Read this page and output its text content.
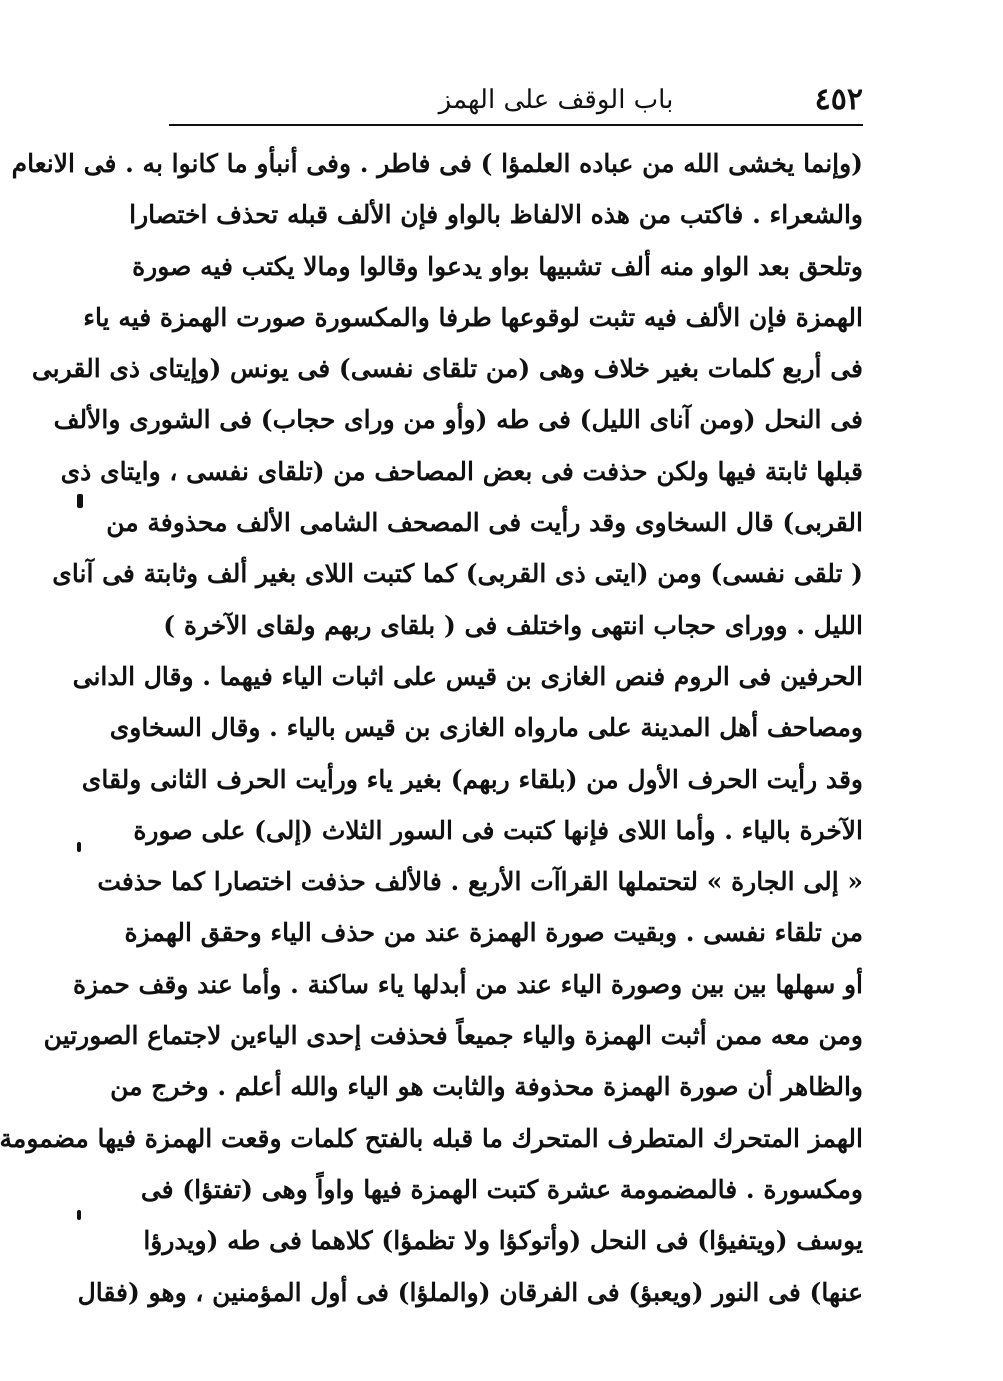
٤٥٢
باب الوقف على الهمز
(وإنما يخشى الله من عباده العلمؤا ) فى فاطر . وفى أنبأو ما كانوا به . فى الانعام
والشعراء . فاكتب من هذه الالفاظ بالواو فإن الألف قبله تحذف اختصارا
وتلحق بعد الواو منه ألف تشبيها بواو يدعوا وقالوا ومالا يكتب فيه صورة
الهمزة فإن الألف فيه تثبت لوقوعها طرفا والمكسورة صورت الهمزة فيه ياء
فى أربع كلمات بغير خلاف وهى (من تلقاى نفسى) فى يونس (وإيتاى ذى القربى
فى النحل (ومن آناى الليل) فى طه (وأو من وراى حجاب) فى الشورى والألف
قبلها ثابتة فيها ولكن حذفت فى بعض المصاحف من (تلقاى نفسى ، وايتاى ذى
القربى) قال السخاوى وقد رأيت فى المصحف الشامى الألف محذوفة من
( تلقى نفسى) ومن (ايتى ذى القربى) كما كتبت اللاى بغير ألف وثابتة فى آناى
الليل . ووراى حجاب انتهى واختلف فى ( بلقاى ربهم ولقاى الآخرة )
الحرفين فى الروم فنص الغازى بن قيس على اثبات الياء فيهما . وقال الدانى
ومصاحف أهل المدينة على مارواه الغازى بن قيس بالياء . وقال السخاوى
وقد رأيت الحرف الأول من (بلقاء ربهم) بغير ياء ورأيت الحرف الثانى ولقاى
الآخرة بالياء . وأما اللاى فإنها كتبت فى السور الثلاث (إلى) على صورة
« إلى الجارة » لتحتملها القراآت الأربع . فالألف حذفت اختصارا كما حذفت
من تلقاء نفسى . وبقيت صورة الهمزة عند من حذف الياء وحقق الهمزة
أو سهلها بين بين وصورة الياء عند من أبدلها ياء ساكنة . وأما عند وقف حمزة
ومن معه ممن أثبت الهمزة والياء جميعاً فحذفت إحدى الياءين لاجتماع الصورتين
والظاهر أن صورة الهمزة محذوفة والثابت هو الياء والله أعلم . وخرج من
الهمز المتحرك المتطرف المتحرك ما قبله بالفتح كلمات وقعت الهمزة فيها مضمومة
ومكسورة . فالمضمومة عشرة كتبت الهمزة فيها واواً وهى (تفتؤا) فى
يوسف (ويتفيؤا) فى النحل (وأتوكؤا ولا تظمؤا) كلاهما فى طه (ويدرؤا
عنها) فى النور (ويعبؤ) فى الفرقان (والملؤا) فى أول المؤمنين ، وهو (فقال
